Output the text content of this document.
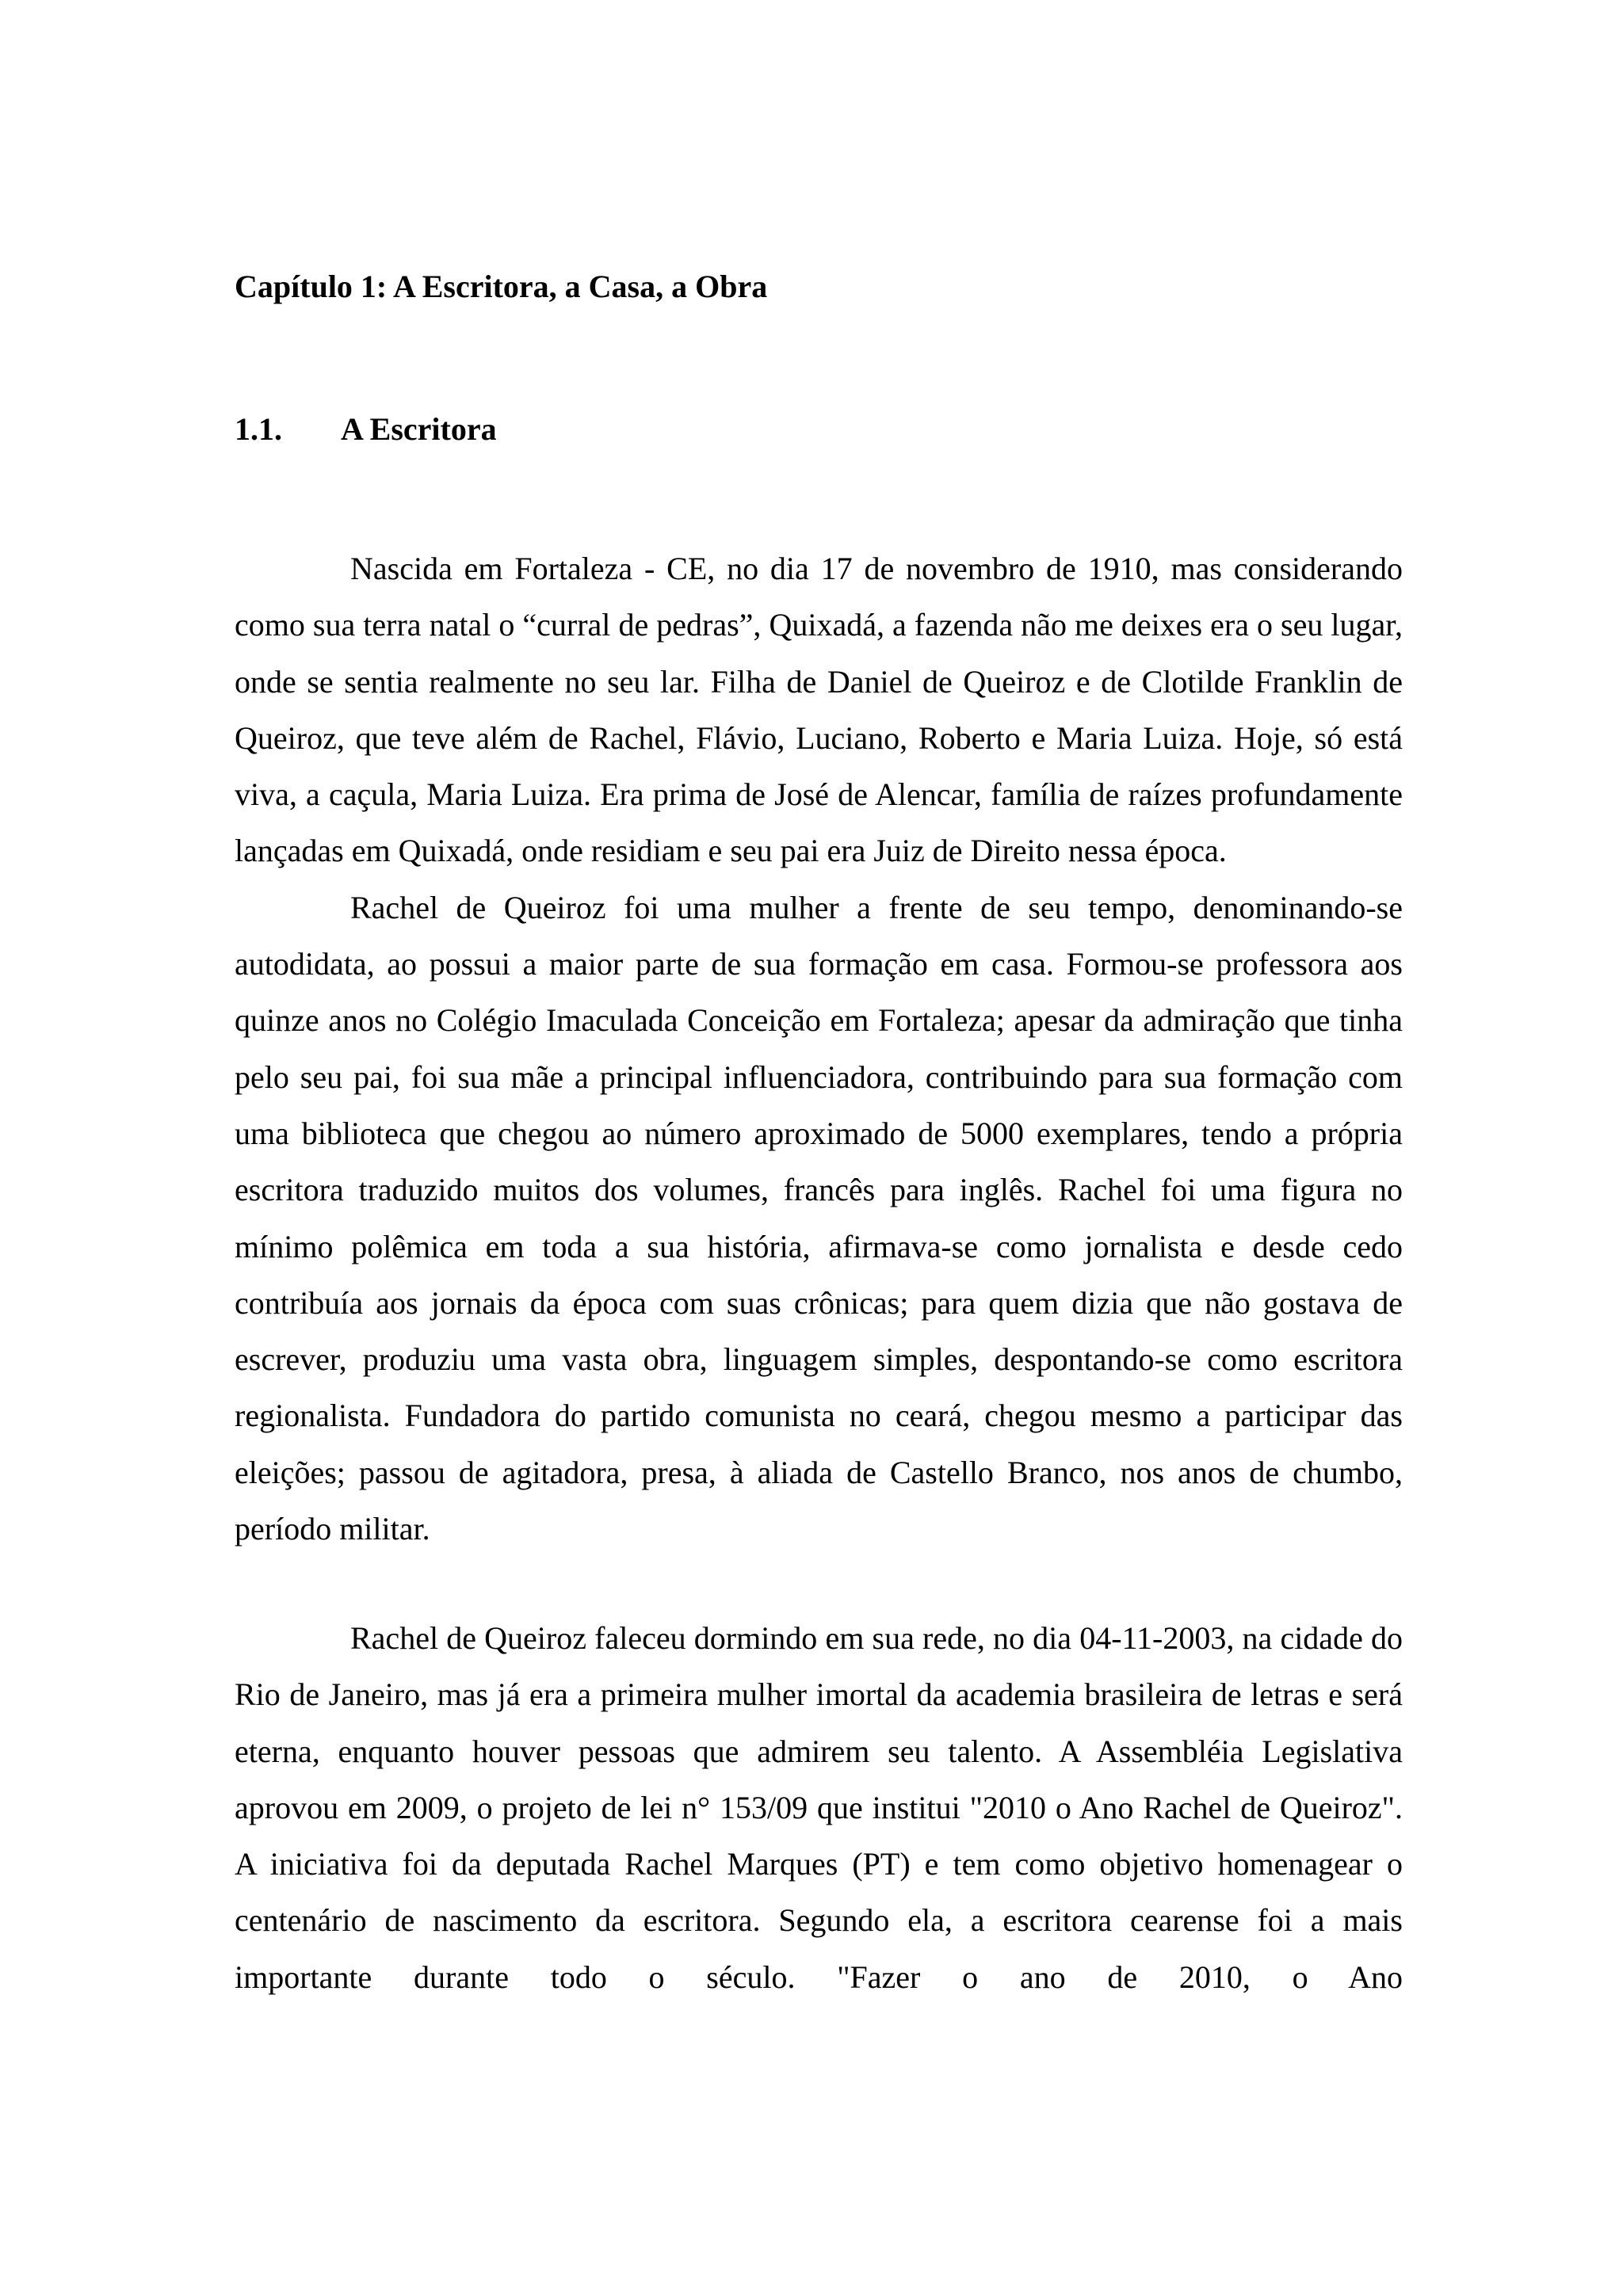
Capítulo 1: A Escritora, a Casa, a Obra
1.1. A Escritora

Nascida em Fortaleza - CE, no dia 17 de novembro de 1910, mas considerando como sua terra natal o “curral de pedras”, Quixadá, a fazenda não me deixes era o seu lugar, onde se sentia realmente no seu lar. Filha de Daniel de Queiroz e de Clotilde Franklin de Queiroz, que teve além de Rachel, Flávio, Luciano, Roberto e Maria Luiza. Hoje, só está viva, a caçula, Maria Luiza. Era prima de José de Alencar, família de raízes profundamente lançadas em Quixadá, onde residiam e seu pai era Juiz de Direito nessa época.

Rachel de Queiroz foi uma mulher a frente de seu tempo, denominando-se autodidata, ao possui a maior parte de sua formação em casa. Formou-se professora aos quinze anos no Colégio Imaculada Conceição em Fortaleza; apesar da admiração que tinha pelo seu pai, foi sua mãe a principal influenciadora, contribuindo para sua formação com uma biblioteca que chegou ao número aproximado de 5000 exemplares, tendo a própria escritora traduzido muitos dos volumes, francês para inglês. Rachel foi uma figura no mínimo polêmica em toda a sua história, afirmava-se como jornalista e desde cedo contribuía aos jornais da época com suas crônicas; para quem dizia que não gostava de escrever, produziu uma vasta obra, linguagem simples, despontando-se como escritora regionalista. Fundadora do partido comunista no ceará, chegou mesmo a participar das eleições; passou de agitadora, presa, à aliada de Castello Branco, nos anos de chumbo, período militar.

Rachel de Queiroz faleceu dormindo em sua rede, no dia 04-11-2003, na cidade do Rio de Janeiro, mas já era a primeira mulher imortal da academia brasileira de letras e será eterna, enquanto houver pessoas que admirem seu talento. A Assembléia Legislativa aprovou em 2009, o projeto de lei n° 153/09 que institui "2010 o Ano Rachel de Queiroz". A iniciativa foi da deputada Rachel Marques (PT) e tem como objetivo homenagear o centenário de nascimento da escritora. Segundo ela, a escritora cearense foi a mais importante durante todo o século. "Fazer o ano de 2010, o Ano
